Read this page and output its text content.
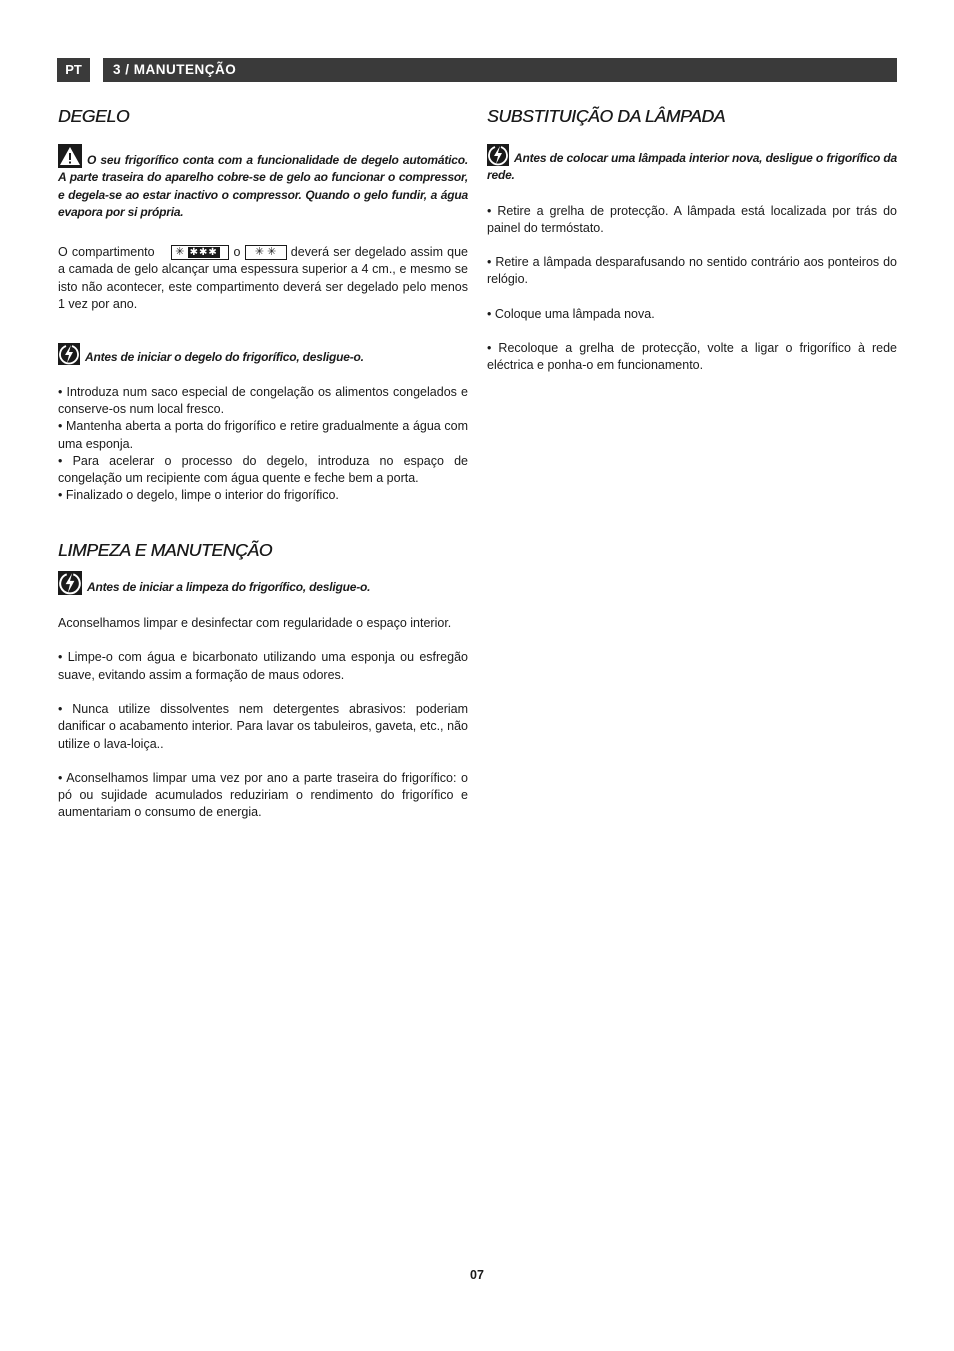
PT	3 / MANUTENÇÃO
DEGELO

O seu frigorífico conta com a funcionalidade de degelo automático. A parte traseira do aparelho cobre-se de gelo ao funcionar o compressor, e degela-se ao estar inactivo o compressor. Quando o gelo fundir, a água evapora por si própria.

O compartimento ✳ ✱✱✱ o ✳ ✳ deverá ser degelado assim que a camada de gelo alcançar uma espessura superior a 4 cm., e mesmo se isto não acontecer, este compartimento deverá ser degelado pelo menos 1 vez por ano.

Antes de iniciar o degelo do frigorífico, desligue-o.

• Introduza num saco especial de congelação os alimentos congelados e conserve-os num local fresco.

• Mantenha aberta a porta do frigorífico e retire gradualmente a água com uma esponja.

• Para acelerar o processo do degelo, introduza no espaço de congelação um recipiente com água quente e feche bem a porta.

• Finalizado o degelo, limpe o interior do frigorífico.

LIMPEZA E MANUTENÇÃO

Antes de iniciar a limpeza do frigorífico, desligue-o.

Aconselhamos limpar e desinfectar com regularidade o espaço interior.

• Limpe-o com água e bicarbonato utilizando uma esponja ou esfregão suave, evitando assim a formação de maus odores.

• Nunca utilize dissolventes nem detergentes abrasivos: poderiam danificar o acabamento interior. Para lavar os tabuleiros, gaveta, etc., não utilize o lava-loiça..

• Aconselhamos limpar uma vez por ano a parte traseira do frigorífico: o pó ou sujidade acumulados reduziriam o rendimento do frigorífico e aumentariam o consumo de energia.

SUBSTITUIÇÃO DA LÂMPADA

Antes de colocar uma lâmpada interior nova, desligue o frigorífico da rede.

• Retire a grelha de protecção. A lâmpada está localizada por trás do painel do termóstato.

• Retire a lâmpada desparafusando no sentido contrário aos ponteiros do relógio.

• Coloque uma lâmpada nova.

• Recoloque a grelha de protecção, volte a ligar o frigorífico à rede eléctrica e ponha-o em funcionamento.

07
